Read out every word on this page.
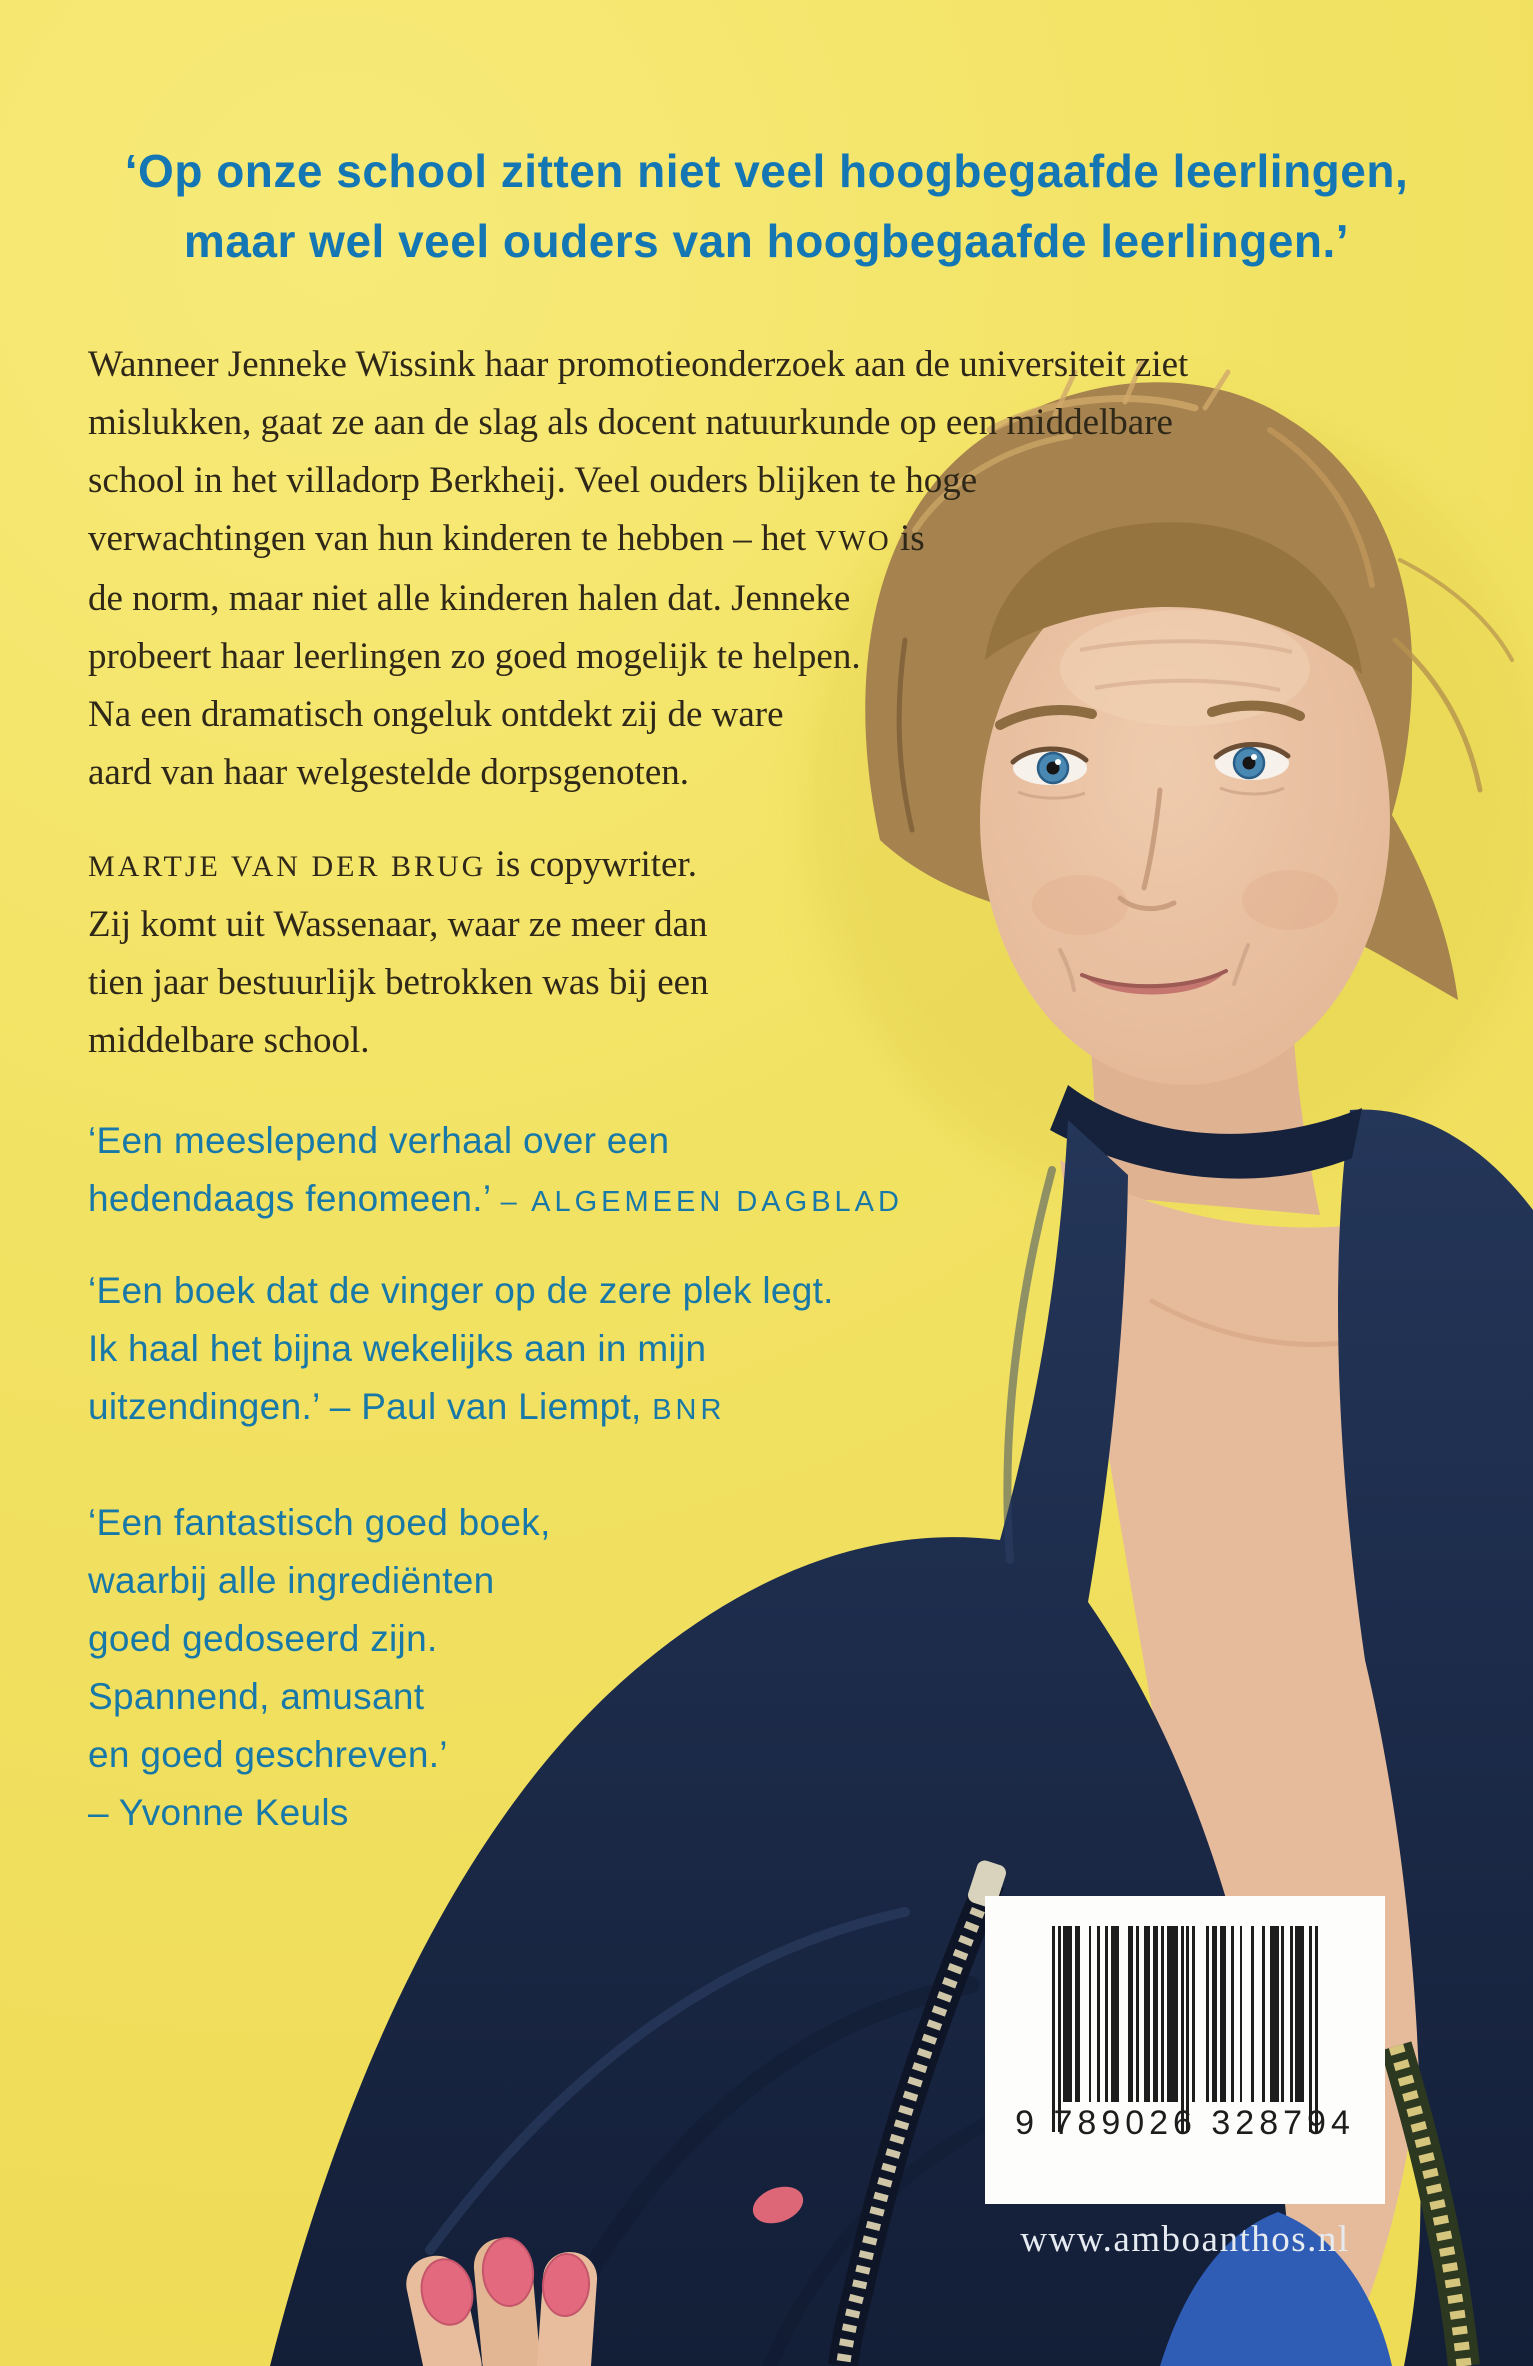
‘Op onze school zitten niet veel hoogbegaafde leerlingen,
maar wel veel ouders van hoogbegaafde leerlingen.’
Wanneer Jenneke Wissink haar promotieonderzoek aan de universiteit ziet
mislukken, gaat ze aan de slag als docent natuurkunde op een middelbare
school in het villadorp Berkheij. Veel ouders blijken te hoge
verwachtingen van hun kinderen te hebben – het VWO is
de norm, maar niet alle kinderen halen dat. Jenneke
probeert haar leerlingen zo goed mogelijk te helpen.
Na een dramatisch ongeluk ontdekt zij de ware
aard van haar welgestelde dorpsgenoten.
MARTJE VAN DER BRUG is copywriter.
Zij komt uit Wassenaar, waar ze meer dan
tien jaar bestuurlijk betrokken was bij een
middelbare school.
‘Een meeslepend verhaal over een
hedendaags fenomeen.’ – ALGEMEEN DAGBLAD
‘Een boek dat de vinger op de zere plek legt.
Ik haal het bijna wekelijks aan in mijn
uitzendingen.’ – Paul van Liempt, BNR
‘Een fantastisch goed boek,
waarbij alle ingrediënten
goed gedoseerd zijn.
Spannend, amusant
en goed geschreven.’
– Yvonne Keuls
9 789026 328794
www.amboanthos.nl
